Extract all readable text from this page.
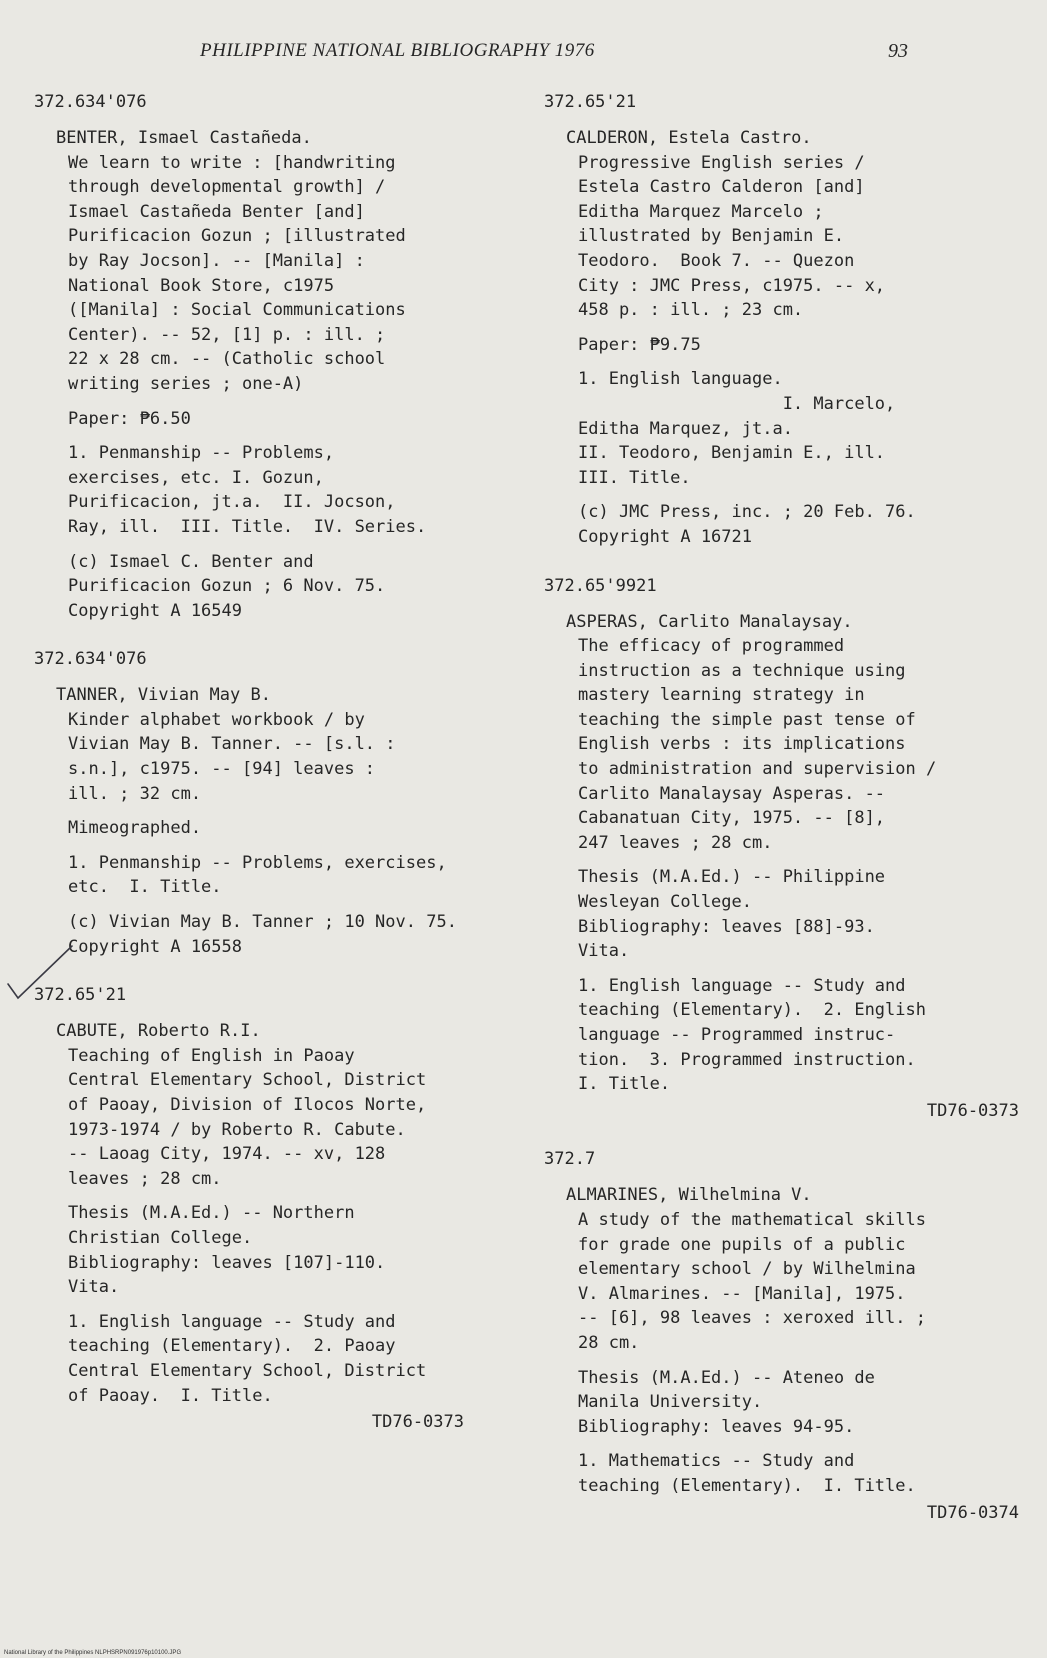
PHILIPPINE NATIONAL BIBLIOGRAPHY 1976	93
372.634'076
BENTER, Ismael Castañeda.
We learn to write : [handwriting
through developmental growth] /
Ismael Castañeda Benter [and]
Purificacion Gozun ; [illustrated
by Ray Jocson]. -- [Manila] :
National Book Store, c1975
([Manila] : Social Communications
Center). -- 52, [1] p. : ill. ;
22 x 28 cm. -- (Catholic school
writing series ; one-A)
Paper: ₱6.50
1. Penmanship -- Problems,
exercises, etc. I. Gozun,
Purificacion, jt.a.  II. Jocson,
Ray, ill.  III. Title.  IV. Series.
(c) Ismael C. Benter and
Purificacion Gozun ; 6 Nov. 75.
Copyright A 16549
372.634'076
TANNER, Vivian May B.
Kinder alphabet workbook / by
Vivian May B. Tanner. -- [s.l. :
s.n.], c1975. -- [94] leaves :
ill. ; 32 cm.
Mimeographed.
1. Penmanship -- Problems, exercises,
etc.  I. Title.
(c) Vivian May B. Tanner ; 10 Nov. 75.
Copyright A 16558
372.65'21
CABUTE, Roberto R.I.
Teaching of English in Paoay
Central Elementary School, District
of Paoay, Division of Ilocos Norte,
1973-1974 / by Roberto R. Cabute.
-- Laoag City, 1974. -- xv, 128
leaves ; 28 cm.
Thesis (M.A.Ed.) -- Northern
Christian College.
Bibliography: leaves [107]-110.
Vita.
1. English language -- Study and
teaching (Elementary).  2. Paoay
Central Elementary School, District
of Paoay.  I. Title.
TD76-0373
372.65'21
CALDERON, Estela Castro.
Progressive English series /
Estela Castro Calderon [and]
Editha Marquez Marcelo ;
illustrated by Benjamin E.
Teodoro.  Book 7. -- Quezon
City : JMC Press, c1975. -- x,
458 p. : ill. ; 23 cm.
Paper: ₱9.75
1. English language.
I. Marcelo,
Editha Marquez, jt.a.
II. Teodoro, Benjamin E., ill.
III. Title.
(c) JMC Press, inc. ; 20 Feb. 76.
Copyright A 16721
372.65'9921
ASPERAS, Carlito Manalaysay.
The efficacy of programmed
instruction as a technique using
mastery learning strategy in
teaching the simple past tense of
English verbs : its implications
to administration and supervision /
Carlito Manalaysay Asperas. --
Cabanatuan City, 1975. -- [8],
247 leaves ; 28 cm.
Thesis (M.A.Ed.) -- Philippine
Wesleyan College.
Bibliography: leaves [88]-93.
Vita.
1. English language -- Study and
teaching (Elementary).  2. English
language -- Programmed instruc-
tion.  3. Programmed instruction.
I. Title.
TD76-0373
372.7
ALMARINES, Wilhelmina V.
A study of the mathematical skills
for grade one pupils of a public
elementary school / by Wilhelmina
V. Almarines. -- [Manila], 1975.
-- [6], 98 leaves : xeroxed ill. ;
28 cm.
Thesis (M.A.Ed.) -- Ateneo de
Manila University.
Bibliography: leaves 94-95.
1. Mathematics -- Study and
teaching (Elementary).  I. Title.
TD76-0374
National Library of the Philippines NLPHSRPN091976p10100.JPG
